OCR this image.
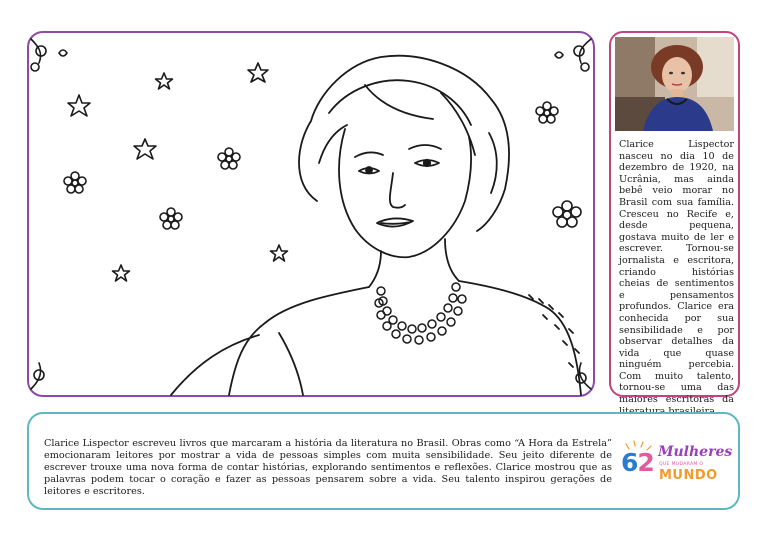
Clarice Lispector nasceu no dia 10 de dezembro de 1920, na Ucrânia, mas ainda bebê veio morar no Brasil com sua família. Cresceu no Recife e, desde pequena, gostava muito de ler e escrever. Tornou-se jornalista e escritora, criando histórias cheias de sentimentos e pensamentos profundos. Clarice era conhecida por sua sensibilidade e por observar detalhes da vida que quase ninguém percebia. Com muito talento, tornou-se uma das maiores escritoras da
Clarice Lispector escreveu livros que marcaram a história da literatura no Brasil. Obras como “A Hora da Estrela” emocionaram leitores por mostrar a vida de pessoas simples com muita sensibilidade. Seu jeito diferente de escrever trouxe uma nova forma de contar histórias, explorando sentimentos e reflexões. Clarice mostrou que as palavras podem tocar o coração e fazer as pessoas pensarem sobre a vida. Seu talento inspirou gerações de leitores e escritores.
62 Mulheres
QUE MUDARAM O
MUNDO
